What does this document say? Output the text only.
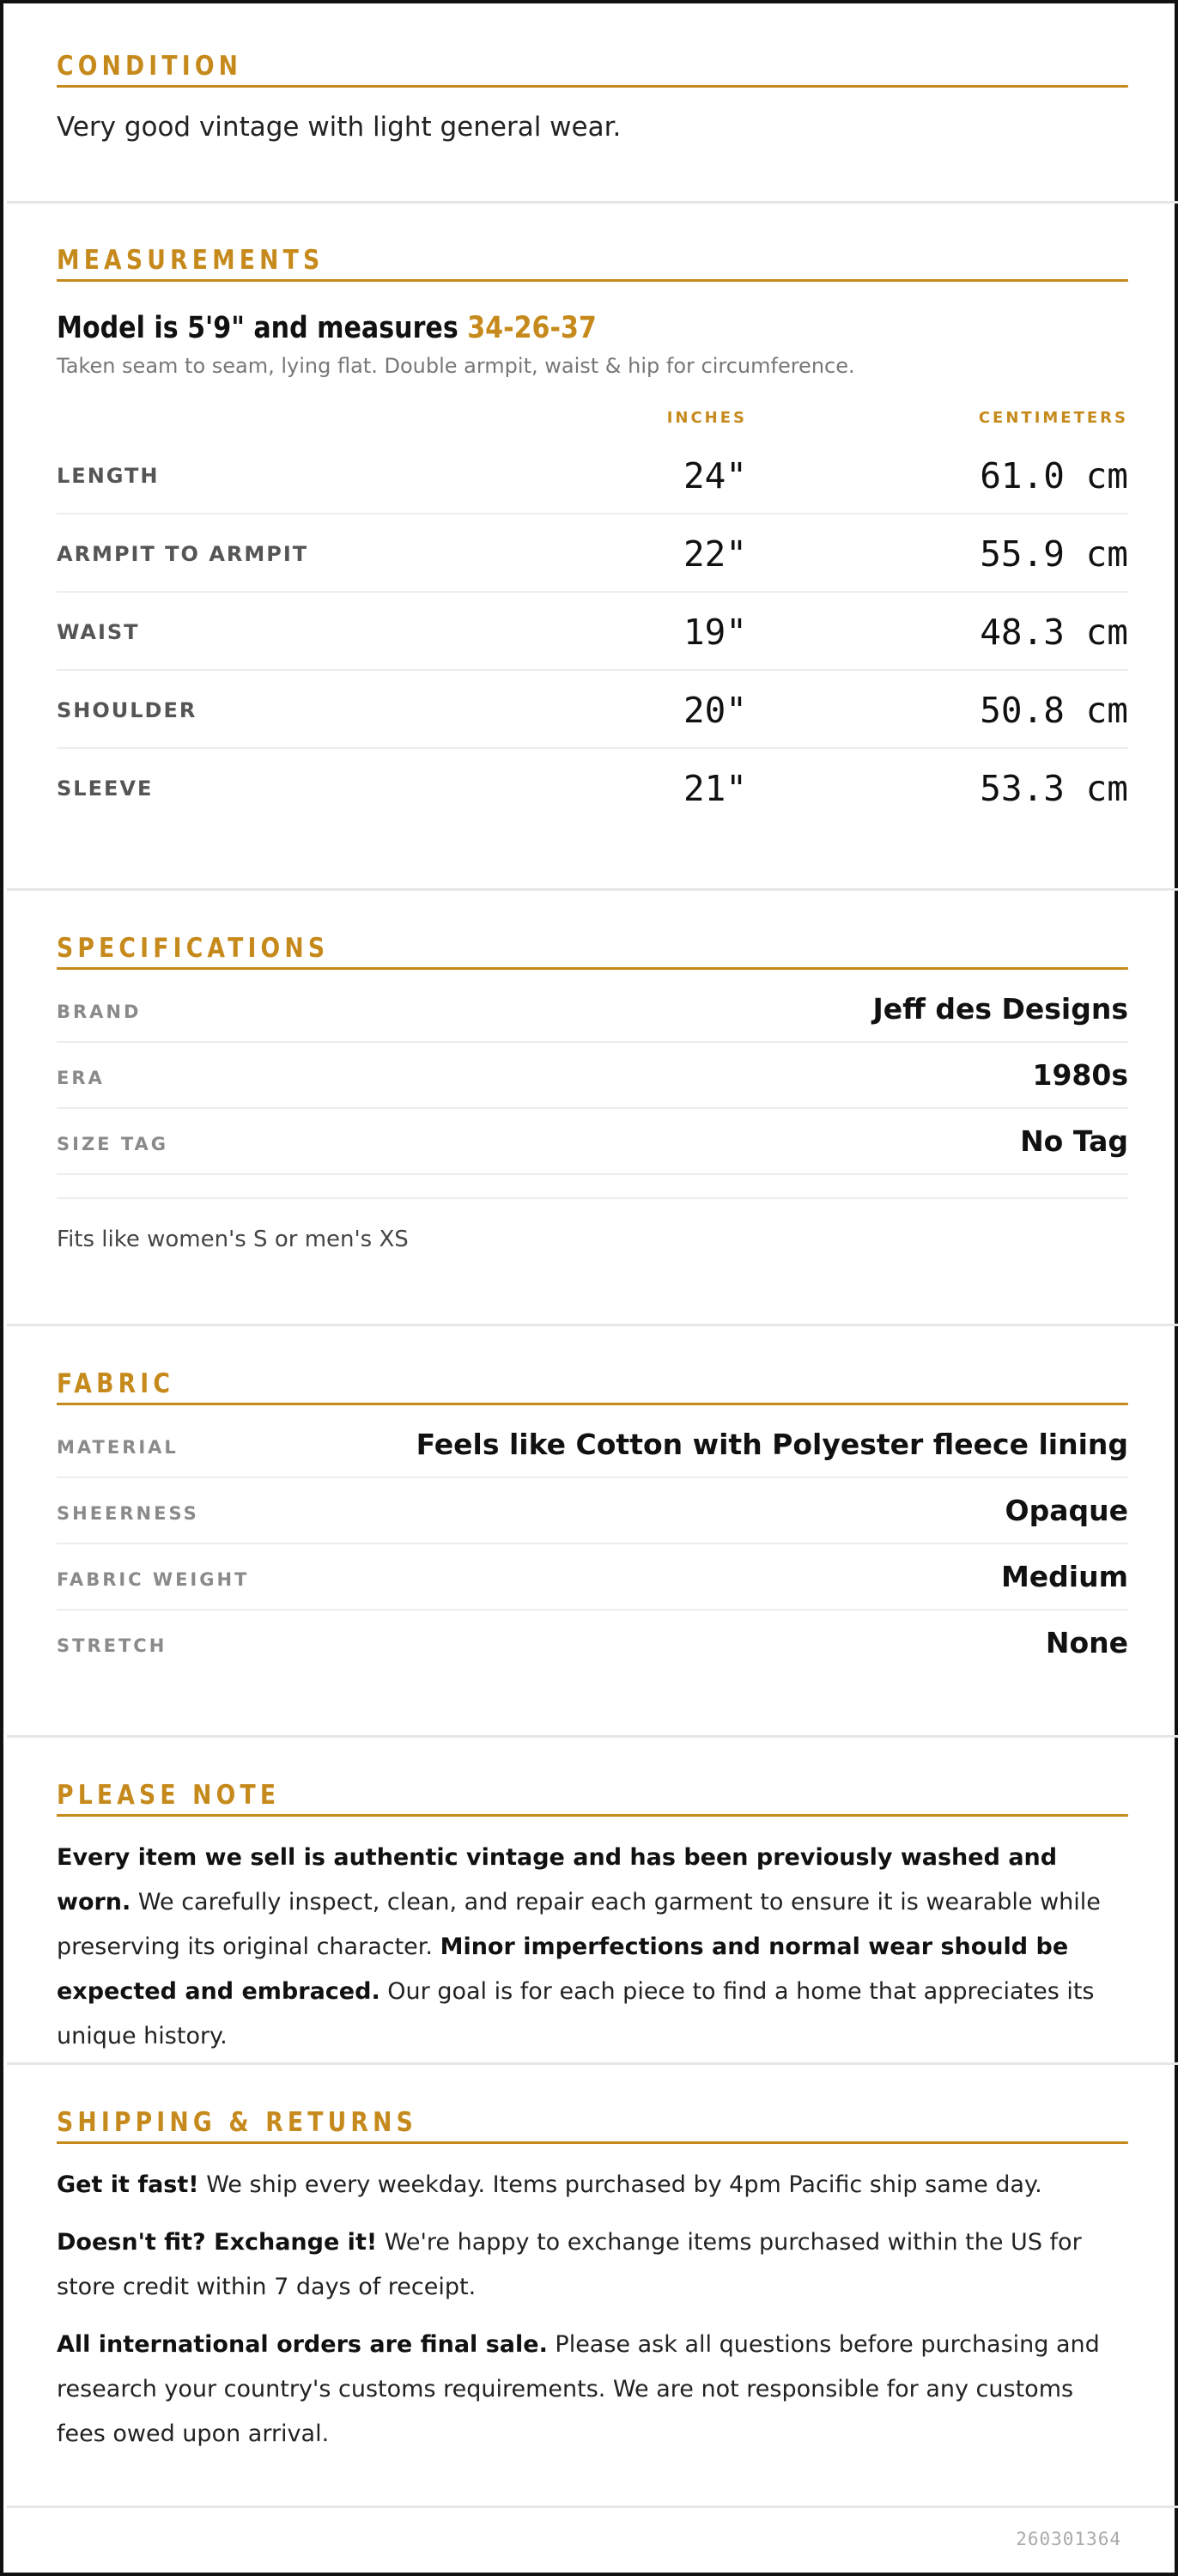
CONDITION
Very good vintage with light general wear.
MEASUREMENTS
Model is 5'9" and measures 34-26-37
Taken seam to seam, lying flat. Double armpit, waist & hip for circumference.
INCHES	CENTIMETERS
LENGTH	24"	61.0 cm
ARMPIT TO ARMPIT	22"	55.9 cm
WAIST	19"	48.3 cm
SHOULDER	20"	50.8 cm
SLEEVE	21"	53.3 cm
SPECIFICATIONS
BRAND	Jeff des Designs
ERA	1980s
SIZE TAG	No Tag
Fits like women's S or men's XS
FABRIC
MATERIAL	Feels like Cotton with Polyester fleece lining
SHEERNESS	Opaque
FABRIC WEIGHT	Medium
STRETCH	None
PLEASE NOTE
Every item we sell is authentic vintage and has been previously washed and worn. We carefully inspect, clean, and repair each garment to ensure it is wearable while preserving its original character. Minor imperfections and normal wear should be expected and embraced. Our goal is for each piece to find a home that appreciates its unique history.
SHIPPING & RETURNS
Get it fast! We ship every weekday. Items purchased by 4pm Pacific ship same day.
Doesn't fit? Exchange it! We're happy to exchange items purchased within the US for store credit within 7 days of receipt.
All international orders are final sale. Please ask all questions before purchasing and research your country's customs requirements. We are not responsible for any customs fees owed upon arrival.
260301364
